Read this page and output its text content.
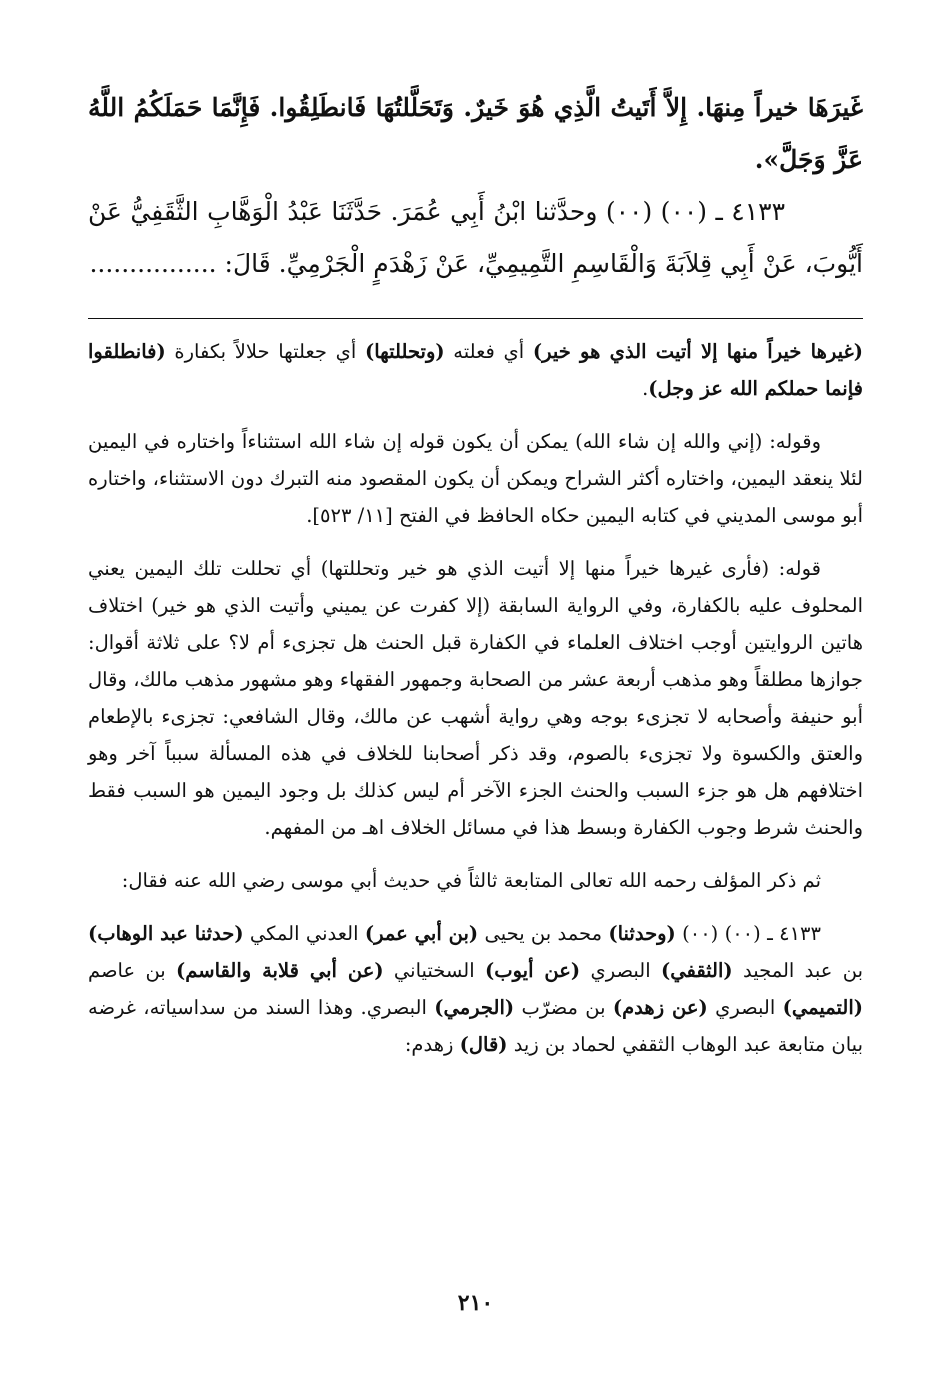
غَيرَهَا خيراً مِنهَا. إِلاَّ أَتَيتُ الَّذِي هُوَ خَيرٌ. وَتَحَلَّلتُهَا فَانطَلِقُوا. فَإِنَّمَا حَمَلَكُمُ اللَّهُ عَزَّ وَجَلَّ».

٤١٣٣ ـ (٠٠) (٠٠) وحدَّثنا ابْنُ أَبِي عُمَرَ. حَدَّثَنَا عَبْدُ الْوَهَّابِ الثَّقَفِيُّ عَنْ أَيُّوبَ، عَنْ أَبِي قِلاَبَةَ وَالْقَاسِمِ التَّمِيمِيِّ، عَنْ زَهْدَمٍ الْجَرْمِيِّ. قَالَ: ................

(غيرها خيراً منها إلا أتيت الذي هو خير) أي فعلته (وتحللتها) أي جعلتها حلالاً بكفارة (فانطلقوا فإنما حملكم الله عز وجل).

وقوله: (إني والله إن شاء الله) يمكن أن يكون قوله إن شاء الله استثناءاً واختاره في اليمين لئلا ينعقد اليمين، واختاره أكثر الشراح ويمكن أن يكون المقصود منه التبرك دون الاستثناء، واختاره أبو موسى المديني في كتابه اليمين حكاه الحافظ في الفتح [١١/ ٥٢٣].

قوله: (فأرى غيرها خيراً منها إلا أتيت الذي هو خير وتحللتها) أي تحللت تلك اليمين يعني المحلوف عليه بالكفارة، وفي الرواية السابقة (إلا كفرت عن يميني وأتيت الذي هو خير) اختلاف هاتين الروايتين أوجب اختلاف العلماء في الكفارة قبل الحنث هل تجزىء أم لا؟ على ثلاثة أقوال: جوازها مطلقاً وهو مذهب أربعة عشر من الصحابة وجمهور الفقهاء وهو مشهور مذهب مالك، وقال أبو حنيفة وأصحابه لا تجزىء بوجه وهي رواية أشهب عن مالك، وقال الشافعي: تجزىء بالإطعام والعتق والكسوة ولا تجزىء بالصوم، وقد ذكر أصحابنا للخلاف في هذه المسألة سبباً آخر وهو اختلافهم هل هو جزء السبب والحنث الجزء الآخر أم ليس كذلك بل وجود اليمين هو السبب فقط والحنث شرط وجوب الكفارة وبسط هذا في مسائل الخلاف اهـ من المفهم.

ثم ذكر المؤلف رحمه الله تعالى المتابعة ثالثاً في حديث أبي موسى رضي الله عنه فقال:

٤١٣٣ ـ (٠٠) (٠٠) (وحدثنا) محمد بن يحيى (بن أبي عمر) العدني المكي (حدثنا عبد الوهاب) بن عبد المجيد (الثقفي) البصري (عن أيوب) السختياني (عن أبي قلابة والقاسم) بن عاصم (التميمي) البصري (عن زهدم) بن مضرّب (الجرمي) البصري. وهذا السند من سداسياته، غرضه بيان متابعة عبد الوهاب الثقفي لحماد بن زيد (قال) زهدم:

٢١٠
